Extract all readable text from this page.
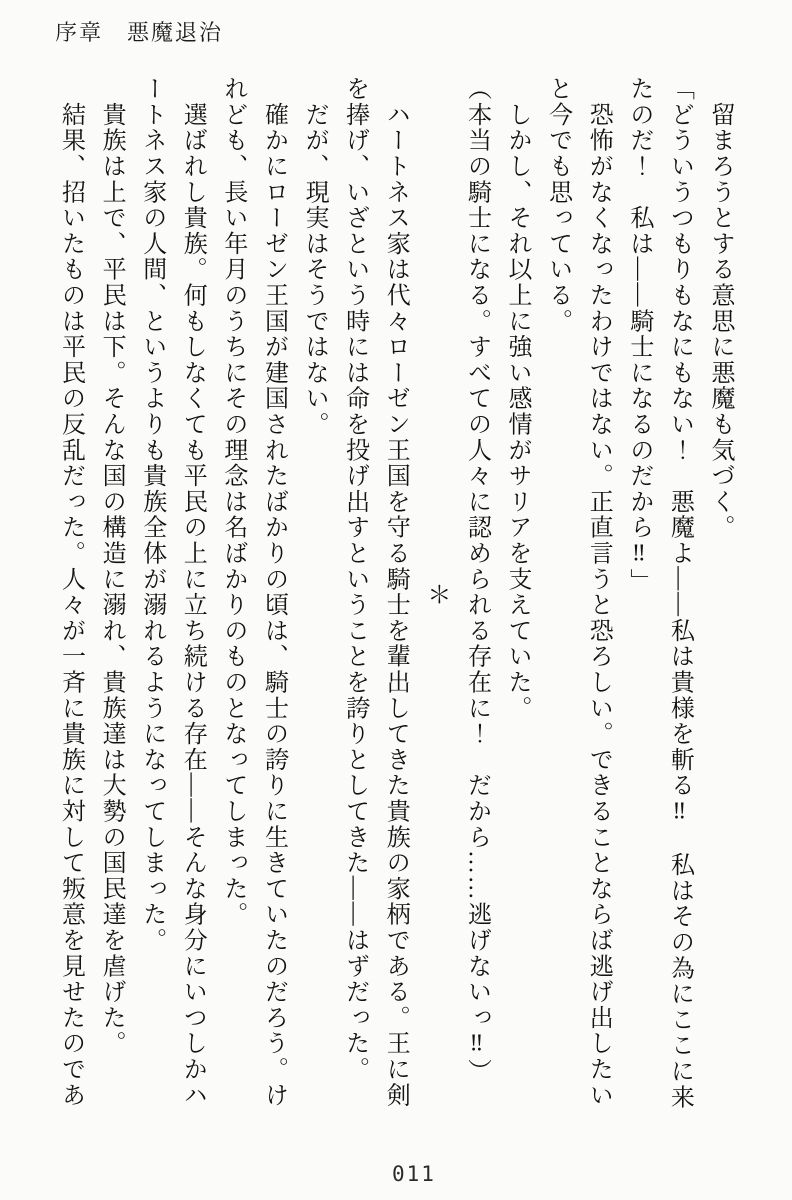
序章　悪魔退治

　留まろうとする意思に悪魔も気づく。

「どういうつもりもなにもない！　悪魔よ――私は貴様を斬る‼　私はその為にここに来

たのだ！　私は――騎士になるのだから‼」

　恐怖がなくなったわけではない。正直言うと恐ろしい。できることならば逃げ出したい

と今でも思っている。

　しかし、それ以上に強い感情がサリアを支えていた。

（本当の騎士になる。すべての人々に認められる存在に！　だから……逃げないっ‼）

＊

　ハートネス家は代々ローゼン王国を守る騎士を輩出してきた貴族の家柄である。王に剣

を捧げ、いざという時には命を投げ出すということを誇りとしてきた――はずだった。

　だが、現実はそうではない。

　確かにローゼン王国が建国されたばかりの頃は、騎士の誇りに生きていたのだろう。け

れども、長い年月のうちにその理念は名ばかりのものとなってしまった。

　選ばれし貴族。何もしなくても平民の上に立ち続ける存在――そんな身分にいつしかハ

ートネス家の人間、というよりも貴族全体が溺れるようになってしまった。

　貴族は上で、平民は下。そんな国の構造に溺れ、貴族達は大勢の国民達を虐げた。

　結果、招いたものは平民の反乱だった。人々が一斉に貴族に対して叛意を見せたのであ

011
